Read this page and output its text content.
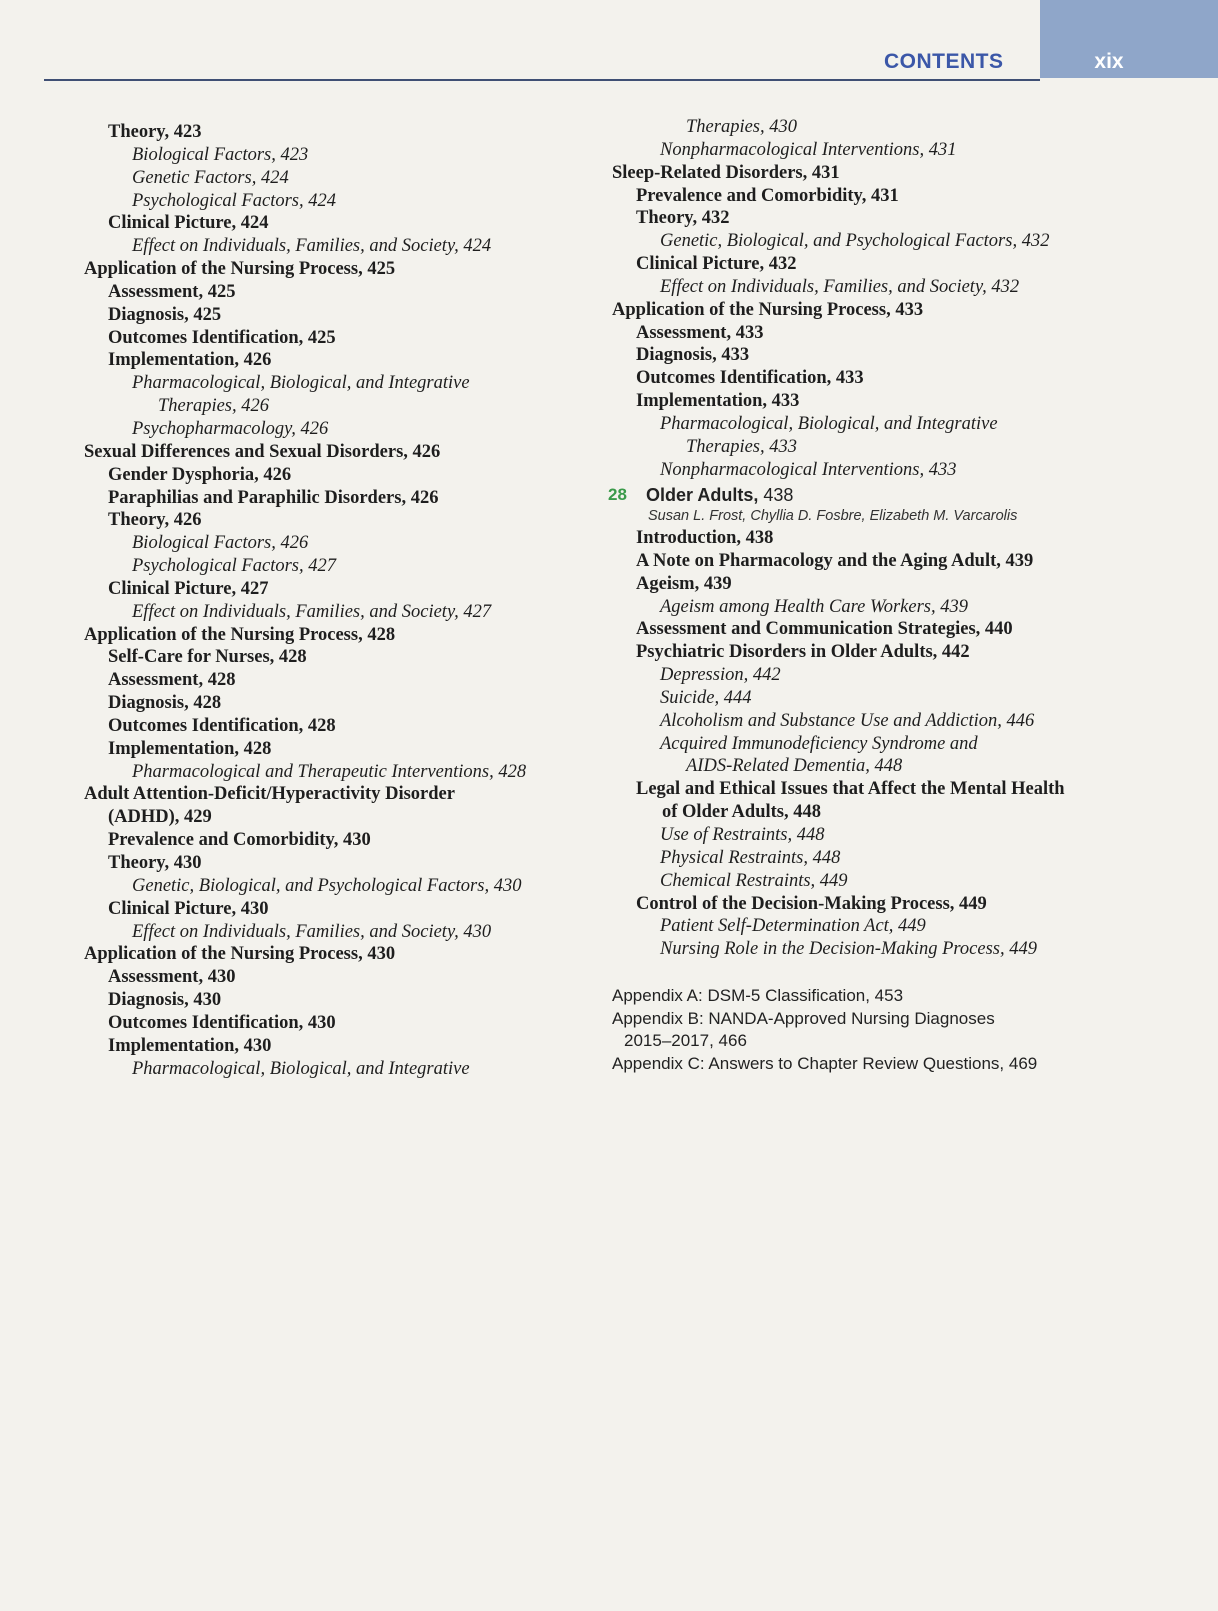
xix
CONTENTS
Theory, 423
Biological Factors, 423
Genetic Factors, 424
Psychological Factors, 424
Clinical Picture, 424
Effect on Individuals, Families, and Society, 424
Application of the Nursing Process, 425
Assessment, 425
Diagnosis, 425
Outcomes Identification, 425
Implementation, 426
Pharmacological, Biological, and Integrative
Therapies, 426
Psychopharmacology, 426
Sexual Differences and Sexual Disorders, 426
Gender Dysphoria, 426
Paraphilias and Paraphilic Disorders, 426
Theory, 426
Biological Factors, 426
Psychological Factors, 427
Clinical Picture, 427
Effect on Individuals, Families, and Society, 427
Application of the Nursing Process, 428
Self-Care for Nurses, 428
Assessment, 428
Diagnosis, 428
Outcomes Identification, 428
Implementation, 428
Pharmacological and Therapeutic Interventions, 428
Adult Attention-Deficit/Hyperactivity Disorder
(ADHD), 429
Prevalence and Comorbidity, 430
Theory, 430
Genetic, Biological, and Psychological Factors, 430
Clinical Picture, 430
Effect on Individuals, Families, and Society, 430
Application of the Nursing Process, 430
Assessment, 430
Diagnosis, 430
Outcomes Identification, 430
Implementation, 430
Pharmacological, Biological, and Integrative
Therapies, 430
Nonpharmacological Interventions, 431
Sleep-Related Disorders, 431
Prevalence and Comorbidity, 431
Theory, 432
Genetic, Biological, and Psychological Factors, 432
Clinical Picture, 432
Effect on Individuals, Families, and Society, 432
Application of the Nursing Process, 433
Assessment, 433
Diagnosis, 433
Outcomes Identification, 433
Implementation, 433
Pharmacological, Biological, and Integrative
Therapies, 433
Nonpharmacological Interventions, 433
28 Older Adults, 438
Susan L. Frost, Chyllia D. Fosbre, Elizabeth M. Varcarolis
Introduction, 438
A Note on Pharmacology and the Aging Adult, 439
Ageism, 439
Ageism among Health Care Workers, 439
Assessment and Communication Strategies, 440
Psychiatric Disorders in Older Adults, 442
Depression, 442
Suicide, 444
Alcoholism and Substance Use and Addiction, 446
Acquired Immunodeficiency Syndrome and
AIDS-Related Dementia, 448
Legal and Ethical Issues that Affect the Mental Health
of Older Adults, 448
Use of Restraints, 448
Physical Restraints, 448
Chemical Restraints, 449
Control of the Decision-Making Process, 449
Patient Self-Determination Act, 449
Nursing Role in the Decision-Making Process, 449
Appendix A: DSM-5 Classification, 453
Appendix B: NANDA-Approved Nursing Diagnoses
2015–2017, 466
Appendix C: Answers to Chapter Review Questions, 469
